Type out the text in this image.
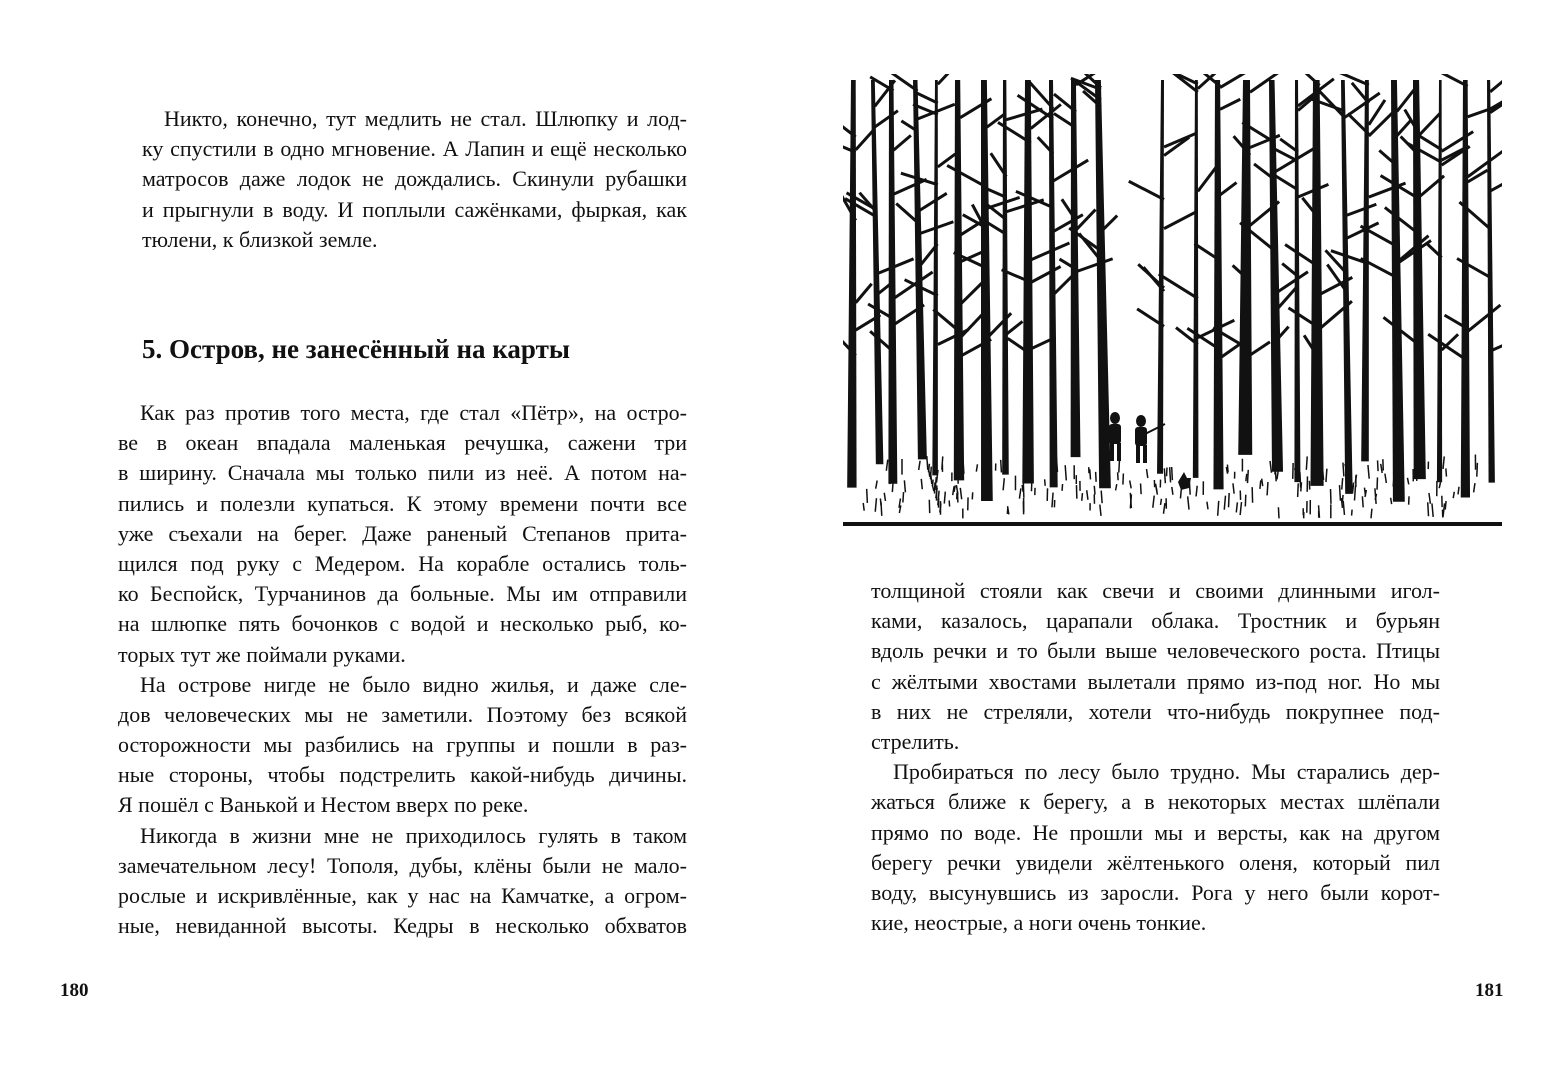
Никто, конечно, тут медлить не стал. Шлюпку и лод-
ку спустили в одно мгновение. А Лапин и ещё несколько
матросов даже лодок не дождались. Скинули рубашки
и прыгнули в воду. И поплыли сажёнками, фыркая, как
тюлени, к близкой земле.
5. Остров, не занесённый на карты
Как раз против того места, где стал «Пётр», на остро-
ве в океан впадала маленькая речушка, сажени три
в ширину. Сначала мы только пили из неё. А потом на-
пились и полезли купаться. К этому времени почти все
уже съехали на берег. Даже раненый Степанов прита-
щился под руку с Медером. На корабле остались толь-
ко Беспойск, Турчанинов да больные. Мы им отправили
на шлюпке пять бочонков с водой и несколько рыб, ко-
торых тут же поймали руками.
На острове нигде не было видно жилья, и даже сле-
дов человеческих мы не заметили. Поэтому без всякой
осторожности мы разбились на группы и пошли в раз-
ные стороны, чтобы подстрелить какой-нибудь дичины.
Я пошёл с Ванькой и Нестом вверх по реке.
Никогда в жизни мне не приходилось гулять в таком
замечательном лесу! Тополя, дубы, клёны были не мало-
рослые и искривлённые, как у нас на Камчатке, а огром-
ные, невиданной высоты. Кедры в несколько обхватов
180
толщиной стояли как свечи и своими длинными игол-
ками, казалось, царапали облака. Тростник и бурьян
вдоль речки и то были выше человеческого роста. Птицы
с жёлтыми хвостами вылетали прямо из-под ног. Но мы
в них не стреляли, хотели что-нибудь покрупнее под-
стрелить.
Пробираться по лесу было трудно. Мы старались дер-
жаться ближе к берегу, а в некоторых местах шлёпали
прямо по воде. Не прошли мы и версты, как на другом
берегу речки увидели жёлтенького оленя, который пил
воду, высунувшись из заросли. Рога у него были корот-
кие, неострые, а ноги очень тонкие.
181
